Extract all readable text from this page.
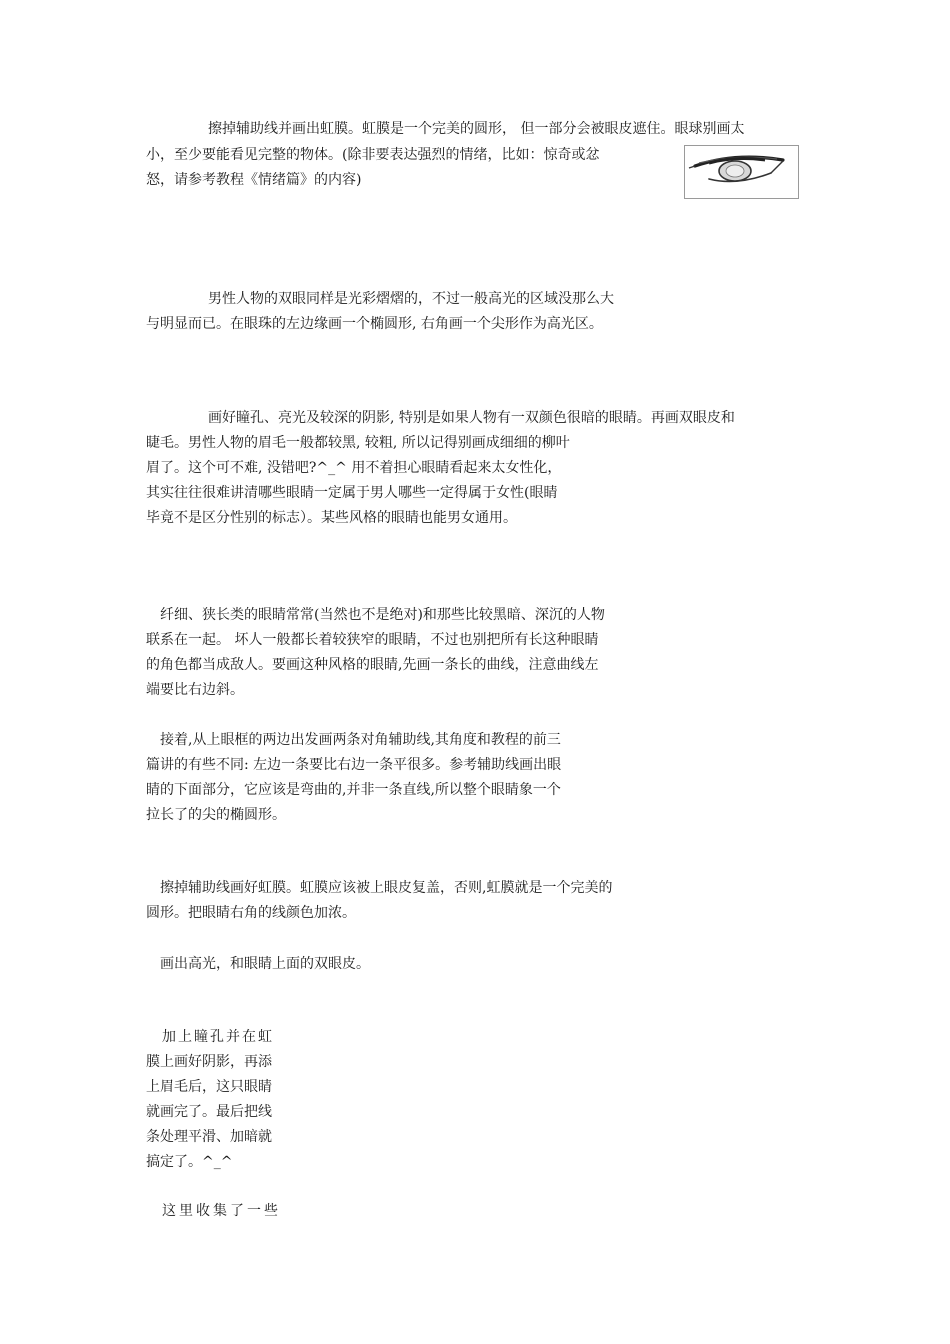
擦掉辅助线并画出虹膜。虹膜是一个完美的圆形， 但一部分会被眼皮遮住。眼球别画太
小，至少要能看见完整的物体。(除非要表达强烈的情绪，比如：惊奇或忿
怒，请参考教程《情绪篇》的内容)
男性人物的双眼同样是光彩熠熠的，不过一般高光的区域没那么大
与明显而已。在眼珠的左边缘画一个椭圆形, 右角画一个尖形作为高光区。
画好瞳孔、亮光及较深的阴影, 特别是如果人物有一双颜色很暗的眼睛。再画双眼皮和
睫毛。男性人物的眉毛一般都较黑, 较粗, 所以记得别画成细细的柳叶
眉了。这个可不难, 没错吧?^_^ 用不着担心眼睛看起来太女性化，
其实往往很难讲清哪些眼睛一定属于男人哪些一定得属于女性(眼睛
毕竟不是区分性别的标志）。某些风格的眼睛也能男女通用。
纤细、狭长类的眼睛常常(当然也不是绝对)和那些比较黑暗、深沉的人物
联系在一起。 坏人一般都长着较狭窄的眼睛，不过也别把所有长这种眼睛
的角色都当成敌人。要画这种风格的眼睛,先画一条长的曲线，注意曲线左
端要比右边斜。
接着,从上眼框的两边出发画两条对角辅助线,其角度和教程的前三
篇讲的有些不同: 左边一条要比右边一条平很多。参考辅助线画出眼
睛的下面部分，它应该是弯曲的,并非一条直线,所以整个眼睛象一个
拉长了的尖的椭圆形。
擦掉辅助线画好虹膜。虹膜应该被上眼皮复盖，否则,虹膜就是一个完美的
圆形。把眼睛右角的线颜色加浓。
画出高光，和眼睛上面的双眼皮。
加上瞳孔并在虹
膜上画好阴影，再添
上眉毛后，这只眼睛
就画完了。最后把线
条处理平滑、加暗就
搞定了。^_^
这里收集了一些
